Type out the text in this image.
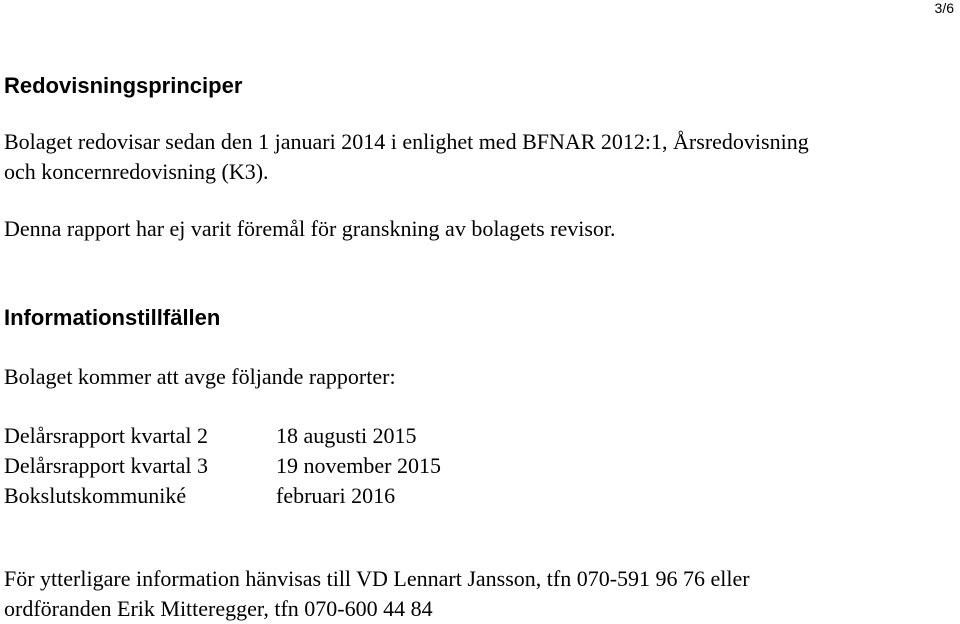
3/6
Redovisningsprinciper
Bolaget redovisar sedan den 1 januari 2014 i enlighet med BFNAR 2012:1, Årsredovisning
och koncernredovisning (K3).
Denna rapport har ej varit föremål för granskning av bolagets revisor.
Informationstillfällen
Bolaget kommer att avge följande rapporter:
Delårsrapport kvartal 2	18 augusti 2015
Delårsrapport kvartal 3	19 november 2015
Bokslutskommuniké	februari 2016
För ytterligare information hänvisas till VD Lennart Jansson, tfn 070-591 96 76 eller
ordföranden Erik Mitteregger, tfn 070-600 44 84
